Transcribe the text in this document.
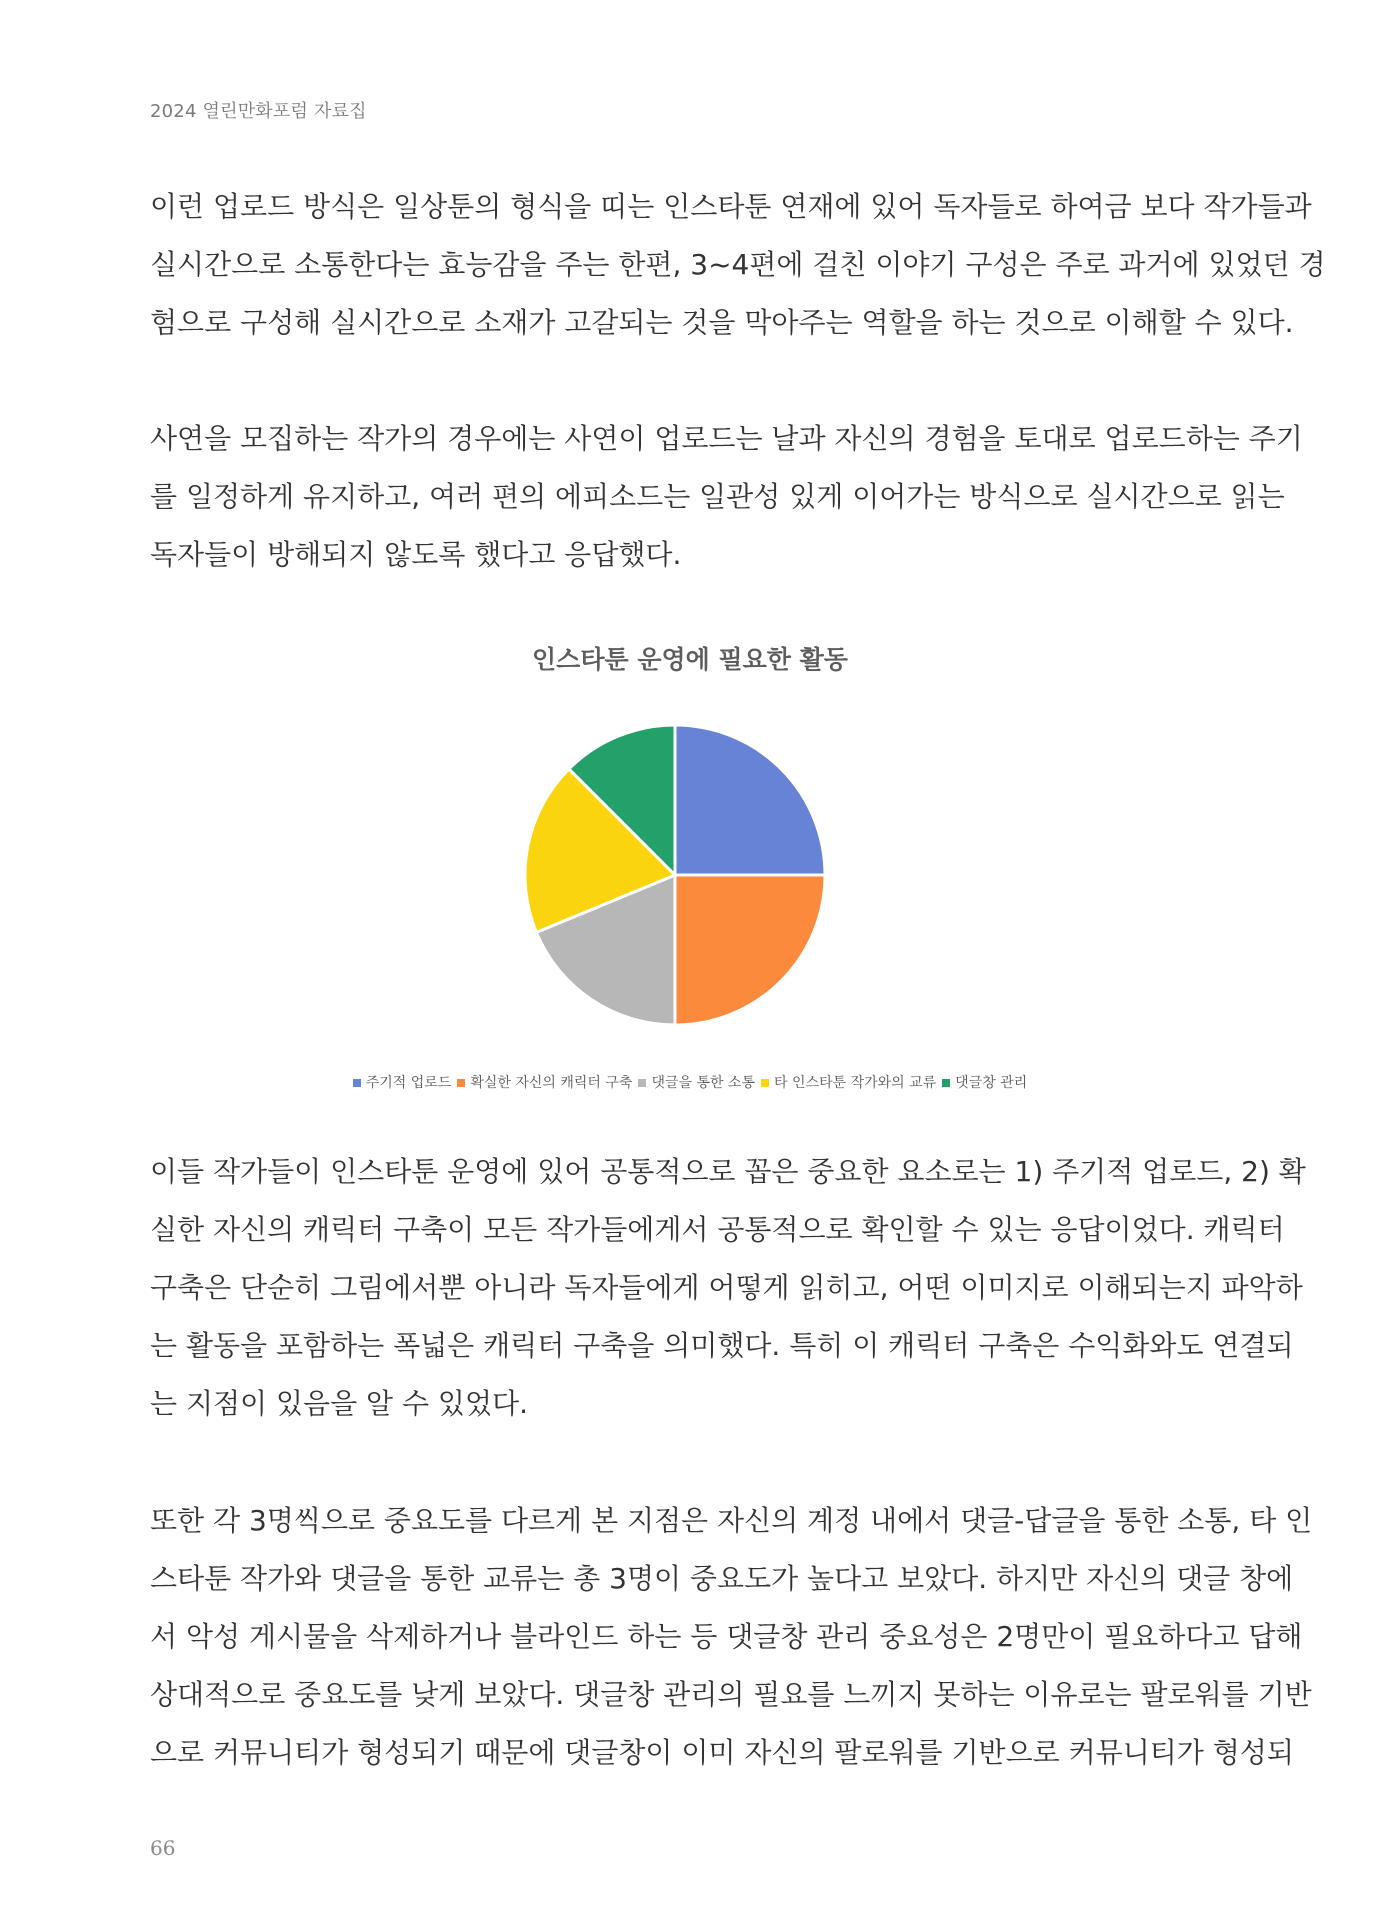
2024 열린만화포럼 자료집
이런 업로드 방식은 일상툰의 형식을 띠는 인스타툰 연재에 있어 독자들로 하여금 보다 작가들과
실시간으로 소통한다는 효능감을 주는 한편, 3~4편에 걸친 이야기 구성은 주로 과거에 있었던 경
험으로 구성해 실시간으로 소재가 고갈되는 것을 막아주는 역할을 하는 것으로 이해할 수 있다.
사연을 모집하는 작가의 경우에는 사연이 업로드는 날과 자신의 경험을 토대로 업로드하는 주기
를 일정하게 유지하고, 여러 편의 에피소드는 일관성 있게 이어가는 방식으로 실시간으로 읽는
독자들이 방해되지 않도록 했다고 응답했다.
인스타툰 운영에 필요한 활동
주기적 업로드 확실한 자신의 캐릭터 구축 댓글을 통한 소통 타 인스타툰 작가와의 교류 댓글창 관리
이들 작가들이 인스타툰 운영에 있어 공통적으로 꼽은 중요한 요소로는 1) 주기적 업로드, 2) 확
실한 자신의 캐릭터 구축이 모든 작가들에게서 공통적으로 확인할 수 있는 응답이었다. 캐릭터
구축은 단순히 그림에서뿐 아니라 독자들에게 어떻게 읽히고, 어떤 이미지로 이해되는지 파악하
는 활동을 포함하는 폭넓은 캐릭터 구축을 의미했다. 특히 이 캐릭터 구축은 수익화와도 연결되
는 지점이 있음을 알 수 있었다.
또한 각 3명씩으로 중요도를 다르게 본 지점은 자신의 계정 내에서 댓글-답글을 통한 소통, 타 인
스타툰 작가와 댓글을 통한 교류는 총 3명이 중요도가 높다고 보았다. 하지만 자신의 댓글 창에
서 악성 게시물을 삭제하거나 블라인드 하는 등 댓글창 관리 중요성은 2명만이 필요하다고 답해
상대적으로 중요도를 낮게 보았다. 댓글창 관리의 필요를 느끼지 못하는 이유로는 팔로워를 기반
으로 커뮤니티가 형성되기 때문에 댓글창이 이미 자신의 팔로워를 기반으로 커뮤니티가 형성되
66
